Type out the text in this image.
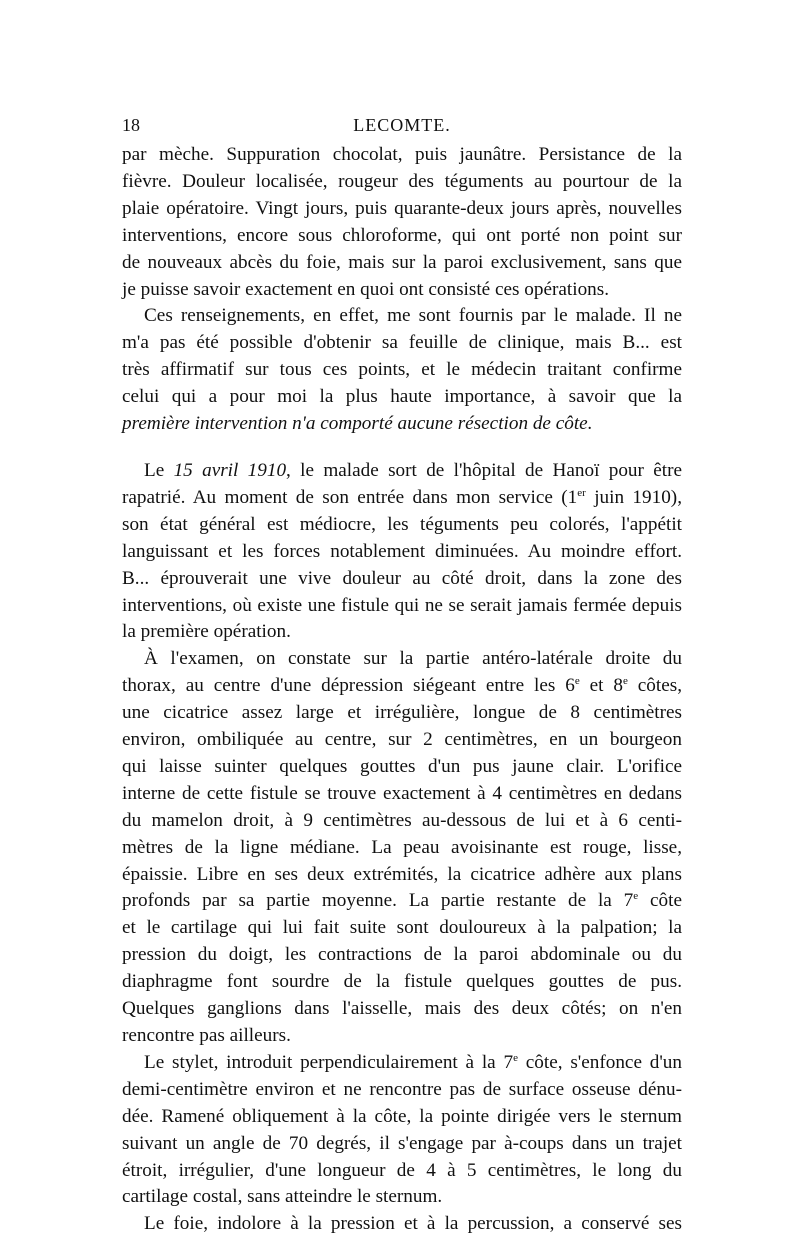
18	LECOMTE.
par mèche. Suppuration chocolat, puis jaunâtre. Persistance de la
fièvre. Douleur localisée, rougeur des téguments au pourtour de la
plaie opératoire. Vingt jours, puis quarante-deux jours après, nouvelles
interventions, encore sous chloroforme, qui ont porté non point sur
de nouveaux abcès du foie, mais sur la paroi exclusivement, sans que
je puisse savoir exactement en quoi ont consisté ces opérations.
Ces renseignements, en effet, me sont fournis par le malade. Il ne
m'a pas été possible d'obtenir sa feuille de clinique, mais B... est
très affirmatif sur tous ces points, et le médecin traitant confirme
celui qui a pour moi la plus haute importance, à savoir que la
première intervention n'a comporté aucune résection de côte.
Le 15 avril 1910, le malade sort de l'hôpital de Hanoï pour être
rapatrié. Au moment de son entrée dans mon service (1er juin 1910),
son état général est médiocre, les téguments peu colorés, l'appétit
languissant et les forces notablement diminuées. Au moindre effort.
B... éprouverait une vive douleur au côté droit, dans la zone des
interventions, où existe une fistule qui ne se serait jamais fermée depuis
la première opération.
À l'examen, on constate sur la partie antéro-latérale droite du
thorax, au centre d'une dépression siégeant entre les 6e et 8e côtes,
une cicatrice assez large et irrégulière, longue de 8 centimètres
environ, ombiliquée au centre, sur 2 centimètres, en un bourgeon
qui laisse suinter quelques gouttes d'un pus jaune clair. L'orifice
interne de cette fistule se trouve exactement à 4 centimètres en dedans
du mamelon droit, à 9 centimètres au-dessous de lui et à 6 centi-
mètres de la ligne médiane. La peau avoisinante est rouge, lisse,
épaissie. Libre en ses deux extrémités, la cicatrice adhère aux plans
profonds par sa partie moyenne. La partie restante de la 7e côte
et le cartilage qui lui fait suite sont douloureux à la palpation; la
pression du doigt, les contractions de la paroi abdominale ou du
diaphragme font sourdre de la fistule quelques gouttes de pus.
Quelques ganglions dans l'aisselle, mais des deux côtés; on n'en
rencontre pas ailleurs.
Le stylet, introduit perpendiculairement à la 7e côte, s'enfonce d'un
demi-centimètre environ et ne rencontre pas de surface osseuse dénu-
dée. Ramené obliquement à la côte, la pointe dirigée vers le sternum
suivant un angle de 70 degrés, il s'engage par à-coups dans un trajet
étroit, irrégulier, d'une longueur de 4 à 5 centimètres, le long du
cartilage costal, sans atteindre le sternum.
Le foie, indolore à la pression et à la percussion, a conservé ses
